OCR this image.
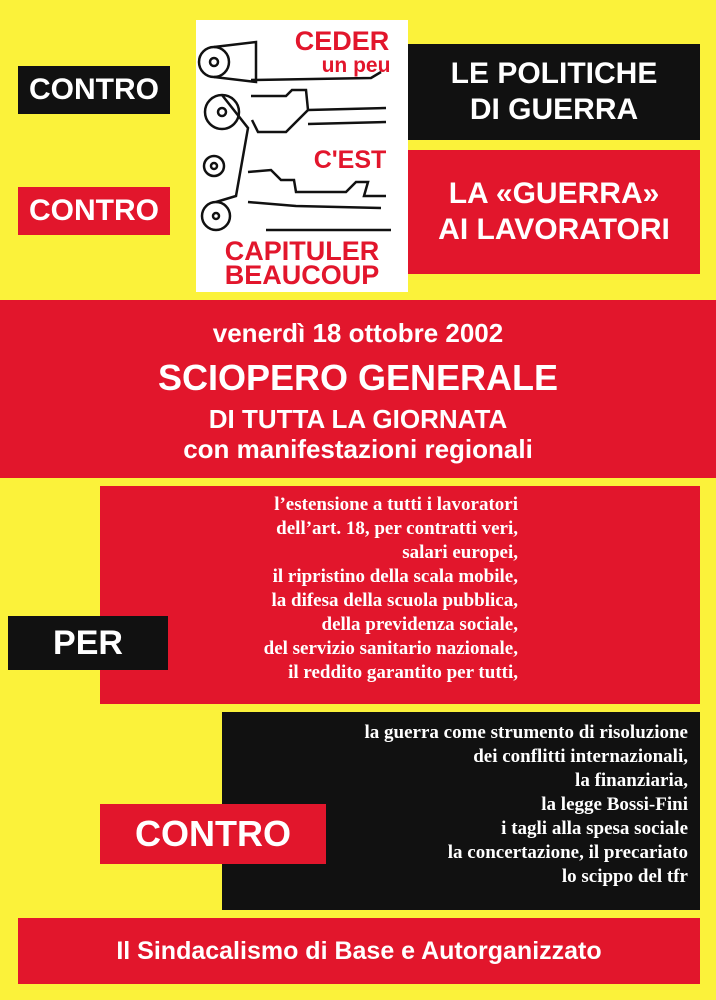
CONTRO
CONTRO
CEDER
un peu
C'EST
CAPITULER
BEAUCOUP
LE POLITICHE
DI GUERRA
LA «GUERRA»
AI LAVORATORI
venerdì 18 ottobre 2002
SCIOPERO GENERALE
DI TUTTA LA GIORNATA
con manifestazioni regionali
l’estensione a tutti i lavoratori
dell’art. 18, per contratti veri,
salari europei,
il ripristino della scala mobile,
la difesa della scuola pubblica,
della previdenza sociale,
del servizio sanitario nazionale,
il reddito garantito per tutti,
PER
la guerra come strumento di risoluzione
dei conflitti internazionali,
la finanziaria,
la legge Bossi-Fini
i tagli alla spesa sociale
la concertazione, il precariato
lo scippo del tfr
CONTRO
Il Sindacalismo di Base e Autorganizzato
